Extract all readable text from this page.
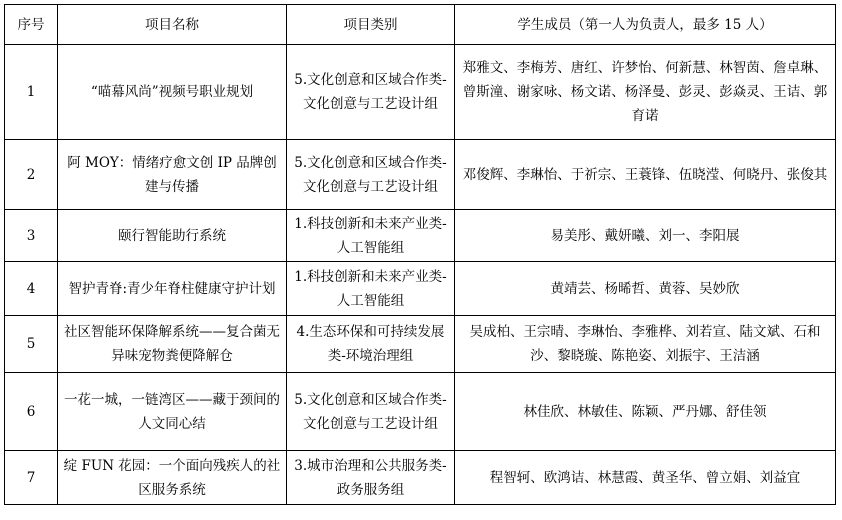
序号	项目名称	项目类别	学生成员（第一人为负责人，最多 15 人）
1	“喵幕风尚”视频号职业规划	5.文化创意和区域合作类-文化创意与工艺设计组	郑雅文、李梅芳、唐红、许梦怡、何新慧、林智茵、詹卓琳、曾斯潼、谢家咏、杨文诺、杨泽曼、彭灵、彭焱灵、王诘、郭育诺
2	阿 MOY：情绪疗愈文创 IP 品牌创建与传播	5.文化创意和区域合作类-文化创意与工艺设计组	邓俊辉、李琳怡、于祈宗、王蓑锋、伍晓滢、何晓丹、张俊其
3	颐行智能助行系统	1.科技创新和未来产业类-人工智能组	易美彤、戴妍曦、刘一、李阳展
4	智护青脊:青少年脊柱健康守护计划	1.科技创新和未来产业类-人工智能组	黄靖芸、杨晞哲、黄蓉、吴妙欣
5	社区智能环保降解系统——复合菌无异味宠物粪便降解仓	4.生态环保和可持续发展类-环境治理组	吴成柏、王宗晴、李琳怡、李雅桦、刘若宣、陆文斌、石和沙、黎晓璇、陈艳姿、刘振宇、王洁涵
6	一花一城，一链湾区——藏于颈间的人文同心结	5.文化创意和区域合作类-文化创意与工艺设计组	林佳欣、林敏佳、陈颖、严丹娜、舒佳领
7	绽 FUN 花园：一个面向残疾人的社区服务系统	3.城市治理和公共服务类-政务服务组	程智轲、欧鸿诘、林慧霞、黄圣华、曾立娟、刘益宜
